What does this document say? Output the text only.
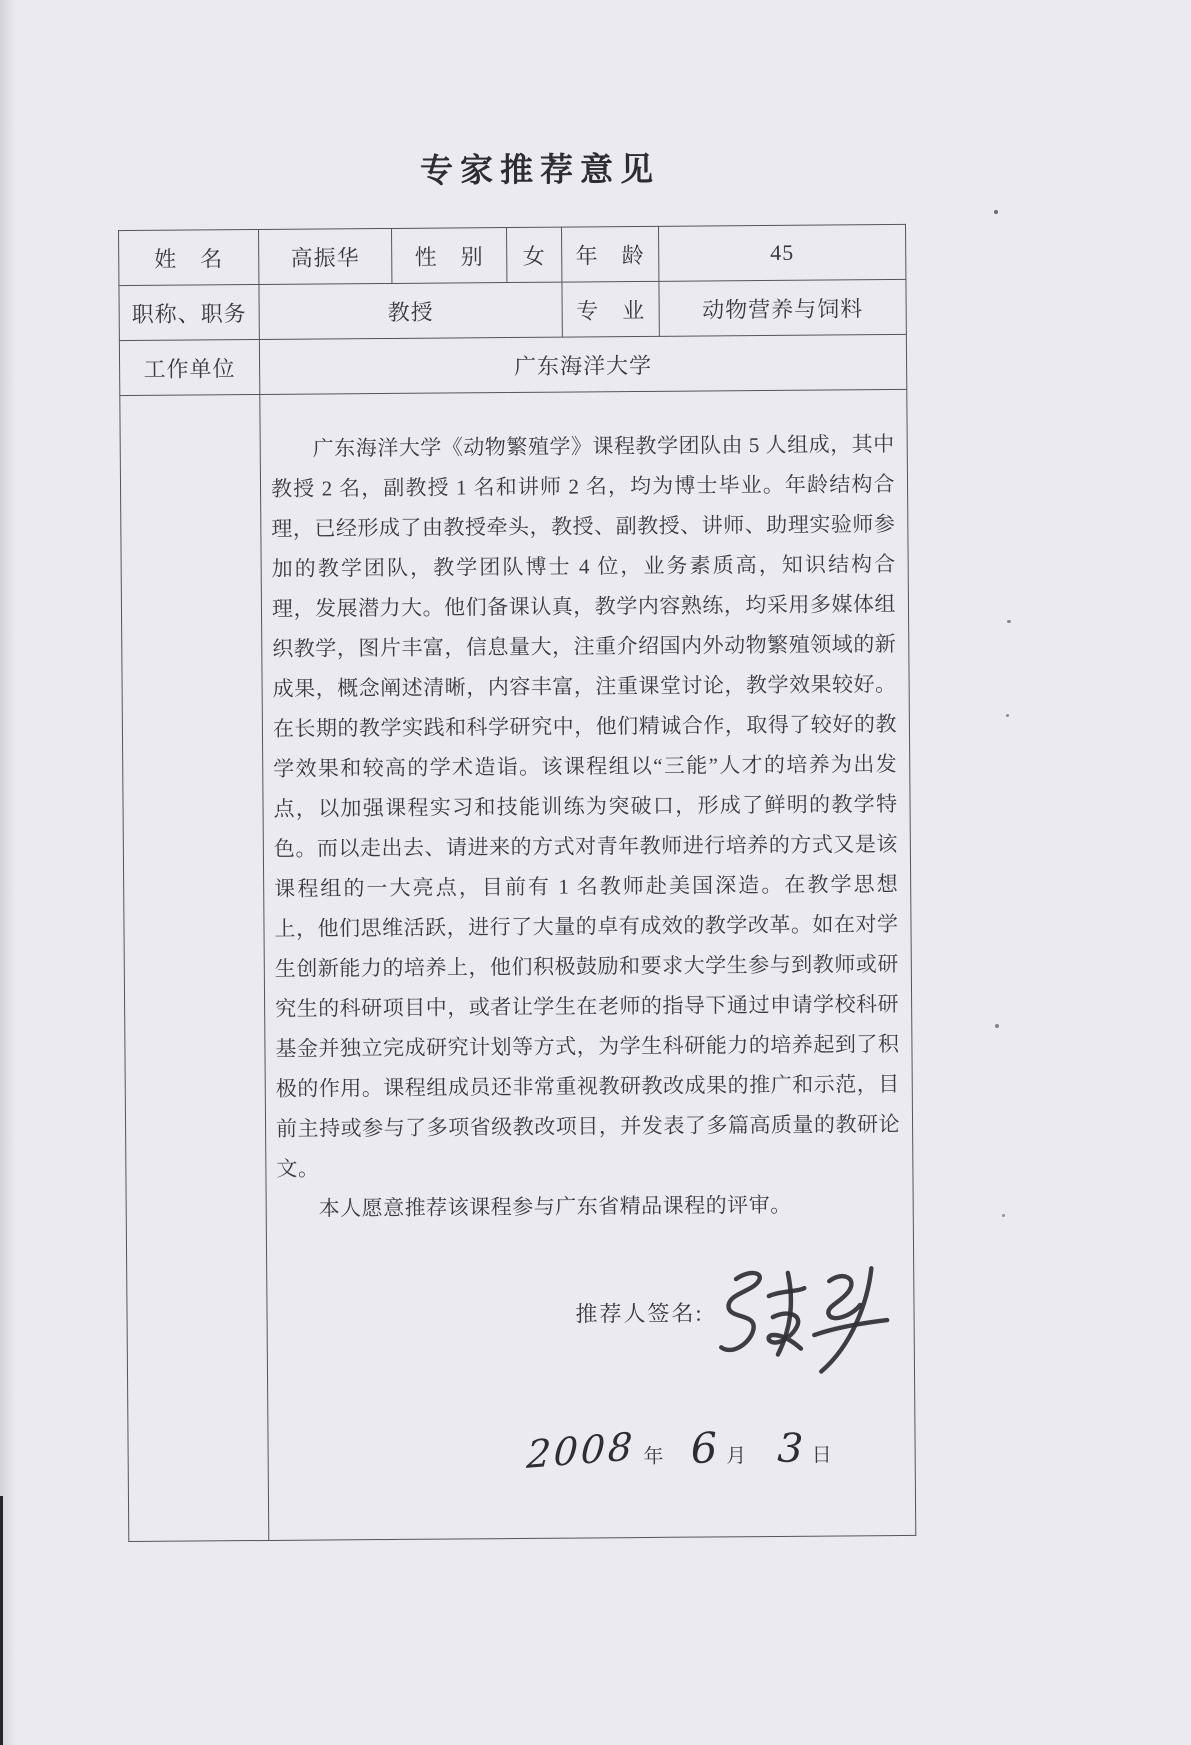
专家推荐意见
姓　名	高振华	性　别	女	年　龄	45
职称、职务	教授			专　业	动物营养与饲料
工作单位	广东海洋大学				

广东海洋大学《动物繁殖学》课程教学团队由 5 人组成，其中教授 2 名，副教授 1 名和讲师 2 名，均为博士毕业。年龄结构合理，已经形成了由教授牵头，教授、副教授、讲师、助理实验师参加的教学团队，教学团队博士 4 位，业务素质高，知识结构合理，发展潜力大。他们备课认真，教学内容熟练，均采用多媒体组织教学，图片丰富，信息量大，注重介绍国内外动物繁殖领域的新成果，概念阐述清晰，内容丰富，注重课堂讨论，教学效果较好。在长期的教学实践和科学研究中，他们精诚合作，取得了较好的教学效果和较高的学术造诣。该课程组以“三能”人才的培养为出发点，以加强课程实习和技能训练为突破口，形成了鲜明的教学特色。而以走出去、请进来的方式对青年教师进行培养的方式又是该课程组的一大亮点，目前有 1 名教师赴美国深造。在教学思想上，他们思维活跃，进行了大量的卓有成效的教学改革。如在对学生创新能力的培养上，他们积极鼓励和要求大学生参与到教师或研究生的科研项目中，或者让学生在老师的指导下通过申请学校科研基金并独立完成研究计划等方式，为学生科研能力的培养起到了积极的作用。课程组成员还非常重视教研教改成果的推广和示范，目前主持或参与了多项省级教改项目，并发表了多篇高质量的教研论文。

本人愿意推荐该课程参与广东省精品课程的评审。

推荐人签名:
2008 年 6 月 3 日
